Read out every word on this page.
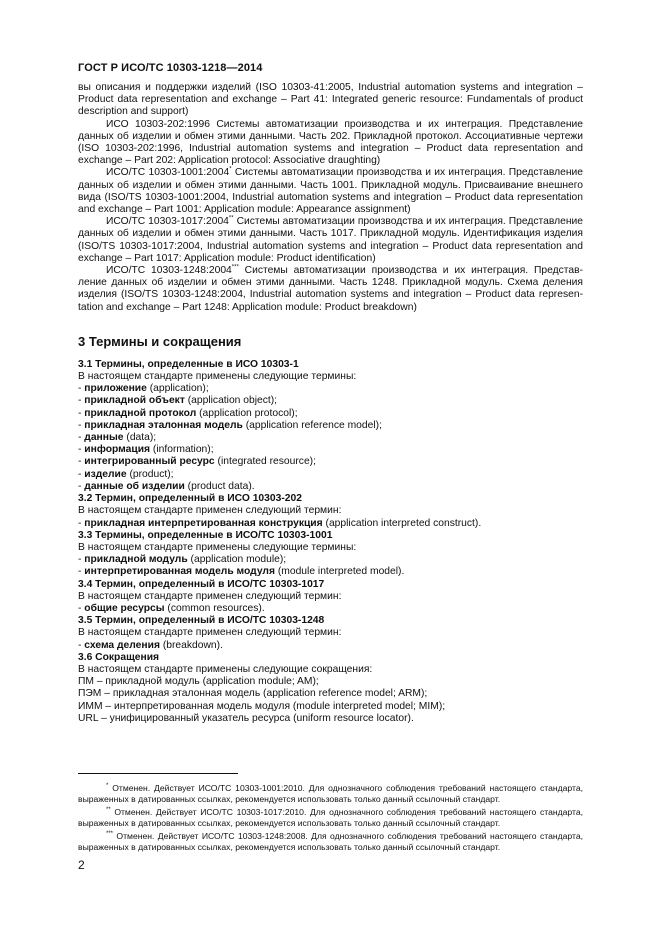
ГОСТ Р ИСО/ТС 10303-1218—2014

вы описания и поддержки изделий (ISO 10303-41:2005, Industrial automation systems and integration – Product data representation and exchange – Part 41: Integrated generic resource: Fundamentals of product description and support)

ИСО 10303-202:1996 Системы автоматизации производства и их интеграция. Представление данных об изделии и обмен этими данными. Часть 202. Прикладной протокол. Ассоциативные чертежи (ISO 10303-202:1996, Industrial automation systems and integration – Product data representation and exchange – Part 202: Application protocol: Associative draughting)

ИСО/ТС 10303-1001:2004* Системы автоматизации производства и их интеграция. Представление данных об изделии и обмен этими данными. Часть 1001. Прикладной модуль. Присваивание внешнего вида (ISO/TS 10303-1001:2004, Industrial automation systems and integration – Product data representation and exchange – Part 1001: Application module: Appearance assignment)

ИСО/ТС 10303-1017:2004** Системы автоматизации производства и их интеграция. Представление данных об изделии и обмен этими данными. Часть 1017. Прикладной модуль. Идентификация изделия (ISO/TS 10303-1017:2004, Industrial automation systems and integration – Product data representation and exchange – Part 1017: Application module: Product identification)

ИСО/ТС 10303-1248:2004*** Системы автоматизации производства и их интеграция. Представление данных об изделии и обмен этими данными. Часть 1248. Прикладной модуль. Схема деления изделия (ISO/TS 10303-1248:2004, Industrial automation systems and integration – Product data representation and exchange – Part 1248: Application module: Product breakdown)

3 Термины и сокращения

3.1 Термины, определенные в ИСО 10303-1

В настоящем стандарте применены следующие термины:

- приложение (application);
- прикладной объект (application object);
- прикладной протокол (application protocol);
- прикладная эталонная модель (application reference model);
- данные (data);
- информация (information);
- интегрированный ресурс (integrated resource);
- изделие (product);
- данные об изделии (product data).

3.2 Термин, определенный в ИСО 10303-202

В настоящем стандарте применен следующий термин:

- прикладная интерпретированная конструкция (application interpreted construct).

3.3 Термины, определенные в ИСО/ТС 10303-1001

В настоящем стандарте применены следующие термины:

- прикладной модуль (application module);
- интерпретированная модель модуля (module interpreted model).

3.4 Термин, определенный в ИСО/ТС 10303-1017

В настоящем стандарте применен следующий термин:

- общие ресурсы (common resources).

3.5 Термин, определенный в ИСО/ТС 10303-1248

В настоящем стандарте применен следующий термин:

- схема деления (breakdown).

3.6 Сокращения

В настоящем стандарте применены следующие сокращения:

ПМ – прикладной модуль (application module; AM);

ПЭМ – прикладная эталонная модель (application reference model; ARM);

ИММ – интерпретированная модель модуля (module interpreted model; MIM);

URL – унифицированный указатель ресурса (uniform resource locator).

* Отменен. Действует ИСО/ТС 10303-1001:2010. Для однозначного соблюдения требований настоящего стандарта, выраженных в датированных ссылках, рекомендуется использовать только данный ссылочный стандарт.

** Отменен. Действует ИСО/ТС 10303-1017:2010. Для однозначного соблюдения требований настоящего стандарта, выраженных в датированных ссылках, рекомендуется использовать только данный ссылочный стандарт.

*** Отменен. Действует ИСО/ТС 10303-1248:2008. Для однозначного соблюдения требований настоящего стандарта, выраженных в датированных ссылках, рекомендуется использовать только данный ссылочный стандарт.

2
